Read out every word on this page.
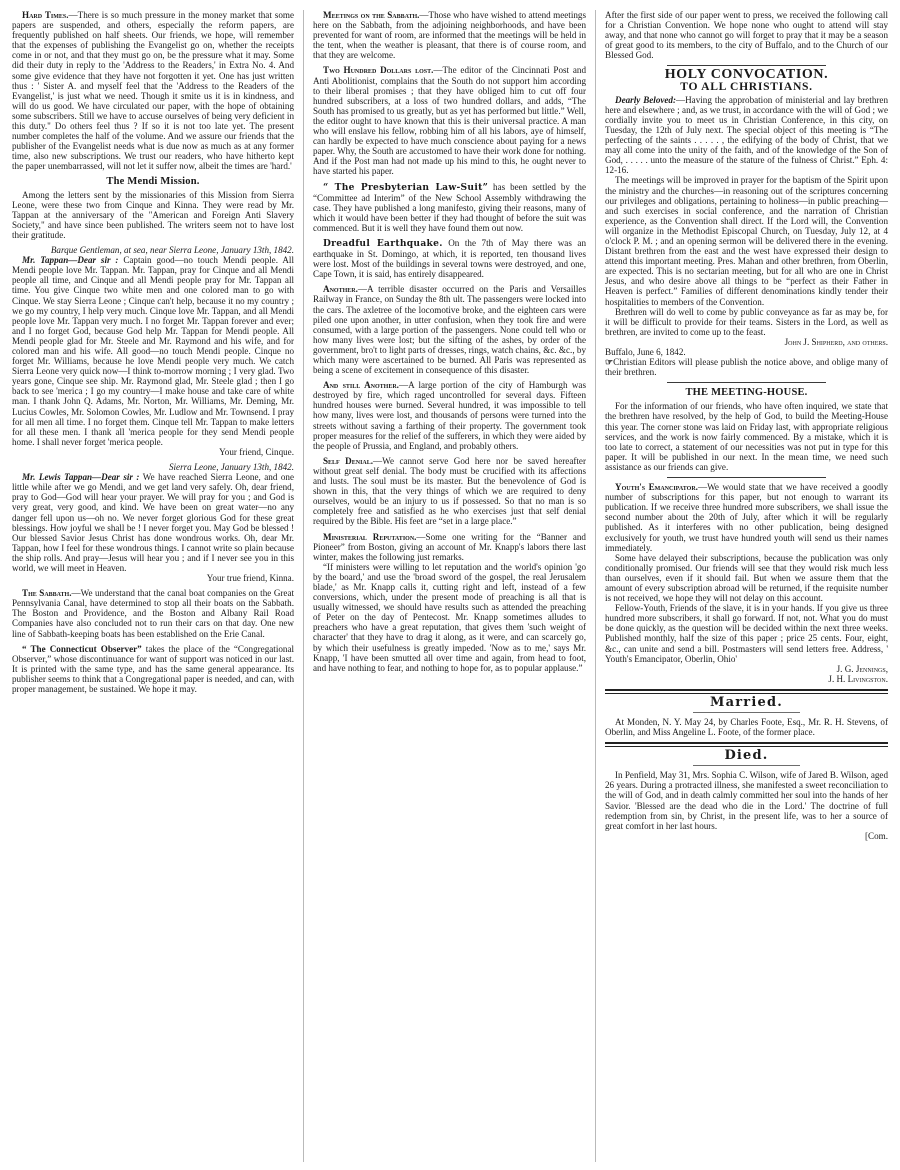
Hard Times.—There is so much pressure in the money market that some papers are suspended, and others, especially the reform papers, are frequently published on half sheets. Our friends, we hope, will remember that the expenses of publishing the Evangelist go on, whether the receipts come in or not, and that they must go on, be the pressure what it may. Some did their duty in reply to the 'Address to the Readers,' in Extra No. 4. And some give evidence that they have not forgotten it yet. One has just written thus : ' Sister A. and myself feel that the 'Address to the Readers of the Evangelist,' is just what we need. Though it smite us it is in kindness, and will do us good. We have circulated our paper, with the hope of obtaining some subscribers. Still we have to accuse ourselves of being very deficient in this duty." Do others feel thus ? If so it is not too late yet. The present number completes the half of the volume. And we assure our friends that the publisher of the Evangelist needs what is due now as much as at any former time, also new subscriptions. We trust our readers, who have hitherto kept the paper unembarrassed, will not let it suffer now, albeit the times are 'hard.'

The Mendi Mission.

Among the letters sent by the missionaries of this Mission from Sierra Leone, were these two from Cinque and Kinna. They were read by Mr. Tappan at the anniversary of the "American and Foreign Anti Slavery Society," and have since been published. The writers seem not to have lost their gratitude.

Barque Gentleman, at sea, near Sierra Leone, January 13th, 1842.

Mr. Tappan—Dear sir : Captain good—no touch Mendi people. All Mendi people love Mr. Tappan. Mr. Tappan, pray for Cinque and all Mendi people all time, and Cinque and all Mendi people pray for Mr. Tappan all time. You give Cinque two white men and one colored man to go with Cinque. We stay Sierra Leone ; Cinque can't help, because it no my country ; we go my country, I help very much. Cinque love Mr. Tappan, and all Mendi people love Mr. Tappan very much. I no forget Mr. Tappan forever and ever; and I no forget God, because God help Mr. Tappan for Mendi people. All Mendi people glad for Mr. Steele and Mr. Raymond and his wife, and for colored man and his wife. All good—no touch Mendi people. Cinque no forget Mr. Williams, because he love Mendi people very much. We catch Sierra Leone very quick now—I think to-morrow morning ; I very glad. Two years gone, Cinque see ship. Mr. Raymond glad, Mr. Steele glad ; then I go back to see 'merica ; I go my country—I make house and take care of white man. I thank John Q. Adams, Mr. Norton, Mr. Williams, Mr. Deming, Mr. Lucius Cowles, Mr. Solomon Cowles, Mr. Ludlow and Mr. Townsend. I pray for all men all time. I no forget them. Cinque tell Mr. Tappan to make letters for all these men. I thank all 'merica people for they send Mendi people home. I shall never forget 'merica people.

Your friend, Cinque.

Sierra Leone, January 13th, 1842.

Mr. Lewis Tappan—Dear sir : We have reached Sierra Leone, and one little while after we go Mendi, and we get land very safely. Oh, dear friend, pray to God—God will hear your prayer. We will pray for you ; and God is very great, very good, and kind. We have been on great water—no any danger fell upon us—oh no. We never forget glorious God for these great blessings. How joyful we shall be ! I never forget you. May God be blessed ! Our blessed Savior Jesus Christ has done wondrous works. Oh, dear Mr. Tappan, how I feel for these wondrous things. I cannot write so plain because the ship rolls. And pray—Jesus will hear you ; and if I never see you in this world, we will meet in Heaven.

Your true friend, Kinna.

The Sabbath.—We understand that the canal boat companies on the Great Pennsylvania Canal, have determined to stop all their boats on the Sabbath. The Boston and Providence, and the Boston and Albany Rail Road Companies have also concluded not to run their cars on that day. One new line of Sabbath-keeping boats has been established on the Erie Canal.

“ The Connecticut Observer” takes the place of the “Congregational Observer,” whose discontinuance for want of support was noticed in our last. It is printed with the same type, and has the same general appearance. Its publisher seems to think that a Congregational paper is needed, and can, with proper management, be sustained. We hope it may.

Meetings on the Sabbath.—Those who have wished to attend meetings here on the Sabbath, from the adjoining neighborhoods, and have been prevented for want of room, are informed that the meetings will be held in the tent, when the weather is pleasant, that there is of course room, and that they are welcome.

Two Hundred Dollars lost.—The editor of the Cincinnati Post and Anti Abolitionist, complains that the South do not support him according to their liberal promises ; that they have obliged him to cut off four hundred subscribers, at a loss of two hundred dollars, and adds, “The South has promised to us greatly, but as yet has performed but little.” Well, the editor ought to have known that this is their universal practice. A man who will enslave his fellow, robbing him of all his labors, aye of himself, can hardly be expected to have much conscience about paying for a news paper. Why, the South are accustomed to have their work done for nothing. And if the Post man had not made up his mind to this, he ought never to have started his paper.

“ The Presbyterian Law-Suit” has been settled by the “Committee ad Interim” of the New School Assembly withdrawing the case. They have published a long manifesto, giving their reasons, many of which it would have been better if they had thought of before the suit was commenced. But it is well they have found them out now.

Dreadful Earthquake. On the 7th of May there was an earthquake in St. Domingo, at which, it is reported, ten thousand lives were lost. Most of the buildings in several towns were destroyed, and one, Cape Town, it is said, has entirely disappeared.

Another.—A terrible disaster occurred on the Paris and Versailles Railway in France, on Sunday the 8th ult. The passengers were locked into the cars. The axletree of the locomotive broke, and the eighteen cars were piled one upon another, in utter confusion, when they took fire and were consumed, with a large portion of the passengers. None could tell who or how many lives were lost; but the sifting of the ashes, by order of the government, bro't to light parts of dresses, rings, watch chains, &c. &c., by which many were ascertained to be burned. All Paris was represented as being a scene of excitement in consequence of this disaster.

And still Another.—A large portion of the city of Hamburgh was destroyed by fire, which raged uncontrolled for several days. Fifteen hundred houses were burned. Several hundred, it was impossible to tell how many, lives were lost, and thousands of persons were turned into the streets without saving a farthing of their property. The government took proper measures for the relief of the sufferers, in which they were aided by the people of Prussia, and England, and probably others.

Self Denial.—We cannot serve God here nor be saved hereafter without great self denial. The body must be crucified with its affections and lusts. The soul must be its master. But the benevolence of God is shown in this, that the very things of which we are required to deny ourselves, would be an injury to us if possessed. So that no man is so completely free and satisfied as he who exercises just that self denial required by the Bible. His feet are “set in a large place.”

Ministerial Reputation.—Some one writing for the “Banner and Pioneer” from Boston, giving an account of Mr. Knapp's labors there last winter, makes the following just remarks.

“If ministers were willing to let reputation and the world's opinion 'go by the board,' and use the 'broad sword of the gospel, the real Jerusalem blade,' as Mr. Knapp calls it, cutting right and left, instead of a few conversions, which, under the present mode of preaching is all that is usually witnessed, we should have results such as attended the preaching of Peter on the day of Pentecost. Mr. Knapp sometimes alludes to preachers who have a great reputation, that gives them 'such weight of character' that they have to drag it along, as it were, and can scarcely go, by which their usefulness is greatly impeded. 'Now as to me,' says Mr. Knapp, 'I have been smutted all over time and again, from head to foot, and have nothing to fear, and nothing to hope for, as to popular applause.”

After the first side of our paper went to press, we received the following call for a Christian Convention. We hope none who ought to attend will stay away, and that none who cannot go will forget to pray that it may be a season of great good to its members, to the city of Buffalo, and to the Church of our Blessed God.

HOLY CONVOCATION.

TO ALL CHRISTIANS.

Dearly Beloved:—Having the approbation of ministerial and lay brethren here and elsewhere ; and, as we trust, in accordance with the will of God ; we cordially invite you to meet us in Christian Conference, in this city, on Tuesday, the 12th of July next. The special object of this meeting is “The perfecting of the saints . . . . . , the edifying of the body of Christ, that we may all come into the unity of the faith, and of the knowledge of the Son of God, . . . . . unto the measure of the stature of the fulness of Christ.” Eph. 4: 12-16.

The meetings will be improved in prayer for the baptism of the Spirit upon the ministry and the churches—in reasoning out of the scriptures concerning our privileges and obligations, pertaining to holiness—in public preaching—and such exercises in social conference, and the narration of Christian experience, as the Convention shall direct. If the Lord will, the Convention will organize in the Methodist Episcopal Church, on Tuesday, July 12, at 4 o'clock P. M. ; and an opening sermon will be delivered there in the evening. Distant brethren from the east and the west have expressed their design to attend this important meeting. Pres. Mahan and other brethren, from Oberlin, are expected. This is no sectarian meeting, but for all who are one in Christ Jesus, and who desire above all things to be “perfect as their Father in Heaven is perfect.” Families of different denominations kindly tender their hospitalities to members of the Convention.

Brethren will do well to come by public conveyance as far as may be, for it will be difficult to provide for their teams. Sisters in the Lord, as well as brethren, are invited to come up to the feast.

John J. Shipherd, and others.

Buffalo, June 6, 1842.

☞Christian Editors will please publish the notice above, and oblige many of their brethren.

THE MEETING-HOUSE.

For the information of our friends, who have often inquired, we state that the brethren have resolved, by the help of God, to build the Meeting-House this year. The corner stone was laid on Friday last, with appropriate religious services, and the work is now fairly commenced. By a mistake, which it is too late to correct, a statement of our necessities was not put in type for this paper. It will be published in our next. In the mean time, we need such assistance as our friends can give.

Youth's Emancipator.—We would state that we have received a goodly number of subscriptions for this paper, but not enough to warrant its publication. If we receive three hundred more subscribers, we shall issue the second number about the 20th of July, after which it will be regularly published. As it interferes with no other publication, being designed exclusively for youth, we trust have hundred youth will send us their names immediately.

Some have delayed their subscriptions, because the publication was only conditionally promised. Our friends will see that they would risk much less than ourselves, even if it should fail. But when we assure them that the amount of every subscription abroad will be returned, if the requisite number is not received, we hope they will not delay on this account.

Fellow-Youth, Friends of the slave, it is in your hands. If you give us three hundred more subscribers, it shall go forward. If not, not. What you do must be done quickly, as the question will be decided within the next three weeks. Published monthly, half the size of this paper ; price 25 cents. Four, eight, &c., can unite and send a bill. Postmasters will send letters free. Address, ' Youth's Emancipator, Oberlin, Ohio'

J. G. Jennings,

J. H. Livingston.

Married.

At Monden, N. Y. May 24, by Charles Foote, Esq., Mr. R. H. Stevens, of Oberlin, and Miss Angeline L. Foote, of the former place.

Died.

In Penfield, May 31, Mrs. Sophia C. Wilson, wife of Jared B. Wilson, aged 26 years. During a protracted illness, she manifested a sweet reconciliation to the will of God, and in death calmly committed her soul into the hands of her Savior. 'Blessed are the dead who die in the Lord.' The doctrine of full redemption from sin, by Christ, in the present life, was to her a source of great comfort in her last hours.

[Com.
